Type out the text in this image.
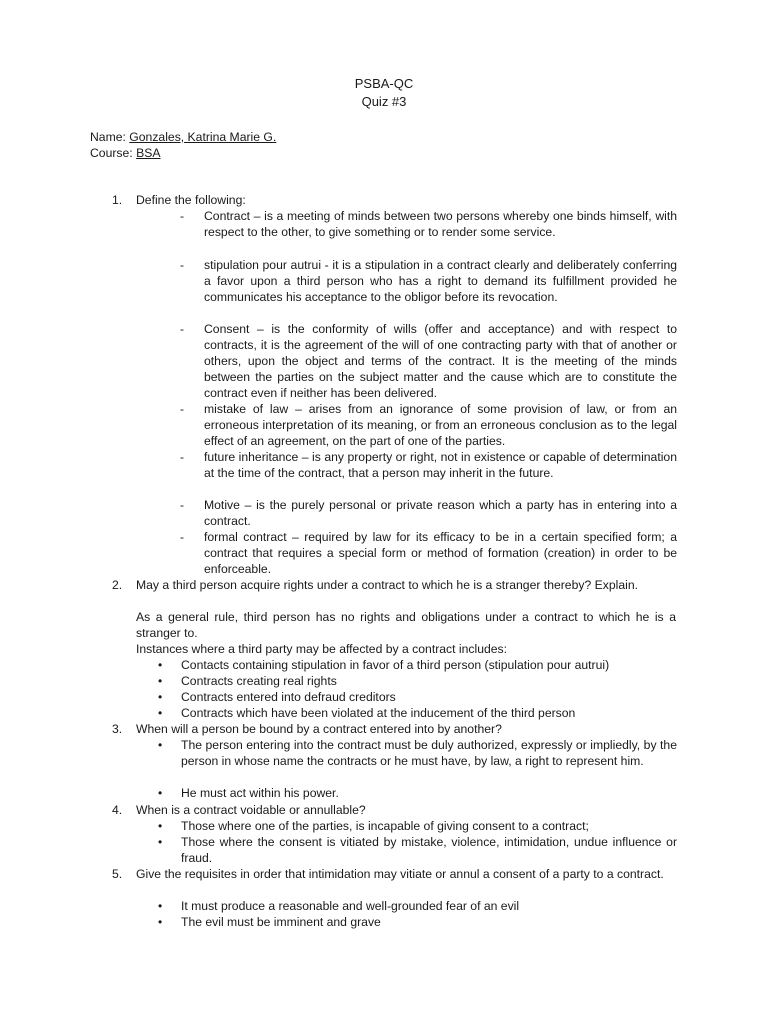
PSBA-QC
Quiz #3
Name: Gonzales, Katrina Marie G.
Course: BSA
1. Define the following:
- Contract – is a meeting of minds between two persons whereby one binds himself, with respect to the other, to give something or to render some service.
- stipulation pour autrui - it is a stipulation in a contract clearly and deliberately conferring a favor upon a third person who has a right to demand its fulfillment provided he communicates his acceptance to the obligor before its revocation.
- Consent – is the conformity of wills (offer and acceptance) and with respect to contracts, it is the agreement of the will of one contracting party with that of another or others, upon the object and terms of the contract. It is the meeting of the minds between the parties on the subject matter and the cause which are to constitute the contract even if neither has been delivered.
- mistake of law – arises from an ignorance of some provision of law, or from an erroneous interpretation of its meaning, or from an erroneous conclusion as to the legal effect of an agreement, on the part of one of the parties.
- future inheritance – is any property or right, not in existence or capable of determination at the time of the contract, that a person may inherit in the future.
- Motive – is the purely personal or private reason which a party has in entering into a contract.
- formal contract – required by law for its efficacy to be in a certain specified form; a contract that requires a special form or method of formation (creation) in order to be enforceable.
2. May a third person acquire rights under a contract to which he is a stranger thereby? Explain.
As a general rule, third person has no rights and obligations under a contract to which he is a stranger to.
Instances where a third party may be affected by a contract includes:
• Contacts containing stipulation in favor of a third person (stipulation pour autrui)
• Contracts creating real rights
• Contracts entered into defraud creditors
• Contracts which have been violated at the inducement of the third person
3. When will a person be bound by a contract entered into by another?
• The person entering into the contract must be duly authorized, expressly or impliedly, by the person in whose name the contracts or he must have, by law, a right to represent him.
• He must act within his power.
4. When is a contract voidable or annullable?
• Those where one of the parties, is incapable of giving consent to a contract;
• Those where the consent is vitiated by mistake, violence, intimidation, undue influence or fraud.
5. Give the requisites in order that intimidation may vitiate or annul a consent of a party to a contract.
• It must produce a reasonable and well-grounded fear of an evil
• The evil must be imminent and grave
